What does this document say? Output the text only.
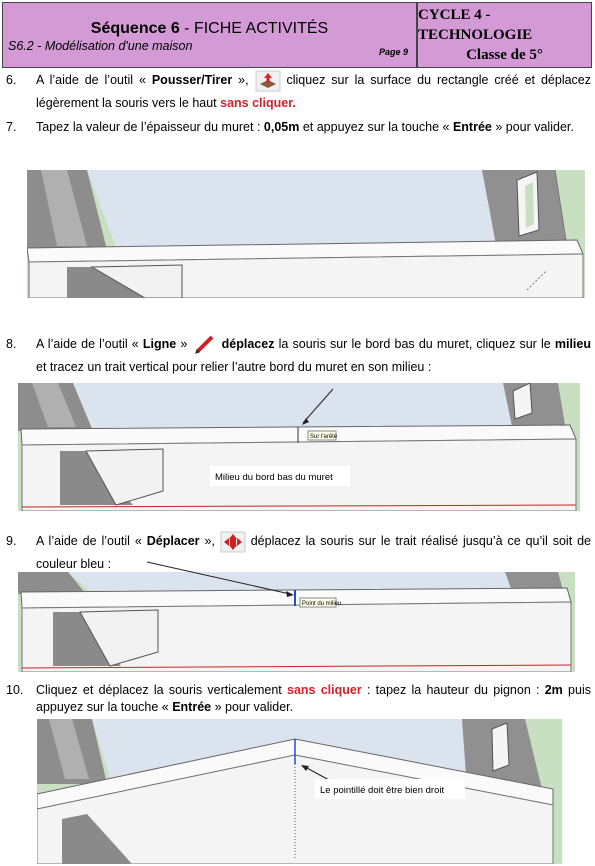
Séquence 6 - FICHE ACTIVITÉS
S6.2 - Modélisation d'une maison	Page 9
CYCLE 4 - TECHNOLOGIE
Classe de 5°
6. A l’aide de l’outil « Pousser/Tirer »,  cliquez sur la surface du rectangle créé et déplacez légèrement la souris vers le haut sans cliquer.
7. Tapez la valeur de l’épaisseur du muret : 0,05m et appuyez sur la touche « Entrée » pour valider.
8. A l’aide de l’outil « Ligne »  déplacez la souris sur le bord bas du muret, cliquez sur le milieu et tracez un trait vertical pour relier l’autre bord du muret en son milieu :
Sur l'arête
Milieu du bord bas du muret
9. A l’aide de l’outil « Déplacer »,  déplacez la souris sur le trait réalisé jusqu’à ce qu’il soit de couleur bleu :
Point du milieu
10. Cliquez et déplacez la souris verticalement sans cliquer : tapez la hauteur du pignon : 2m puis appuyez sur la touche « Entrée » pour valider.
Le pointillé doit être bien droit
